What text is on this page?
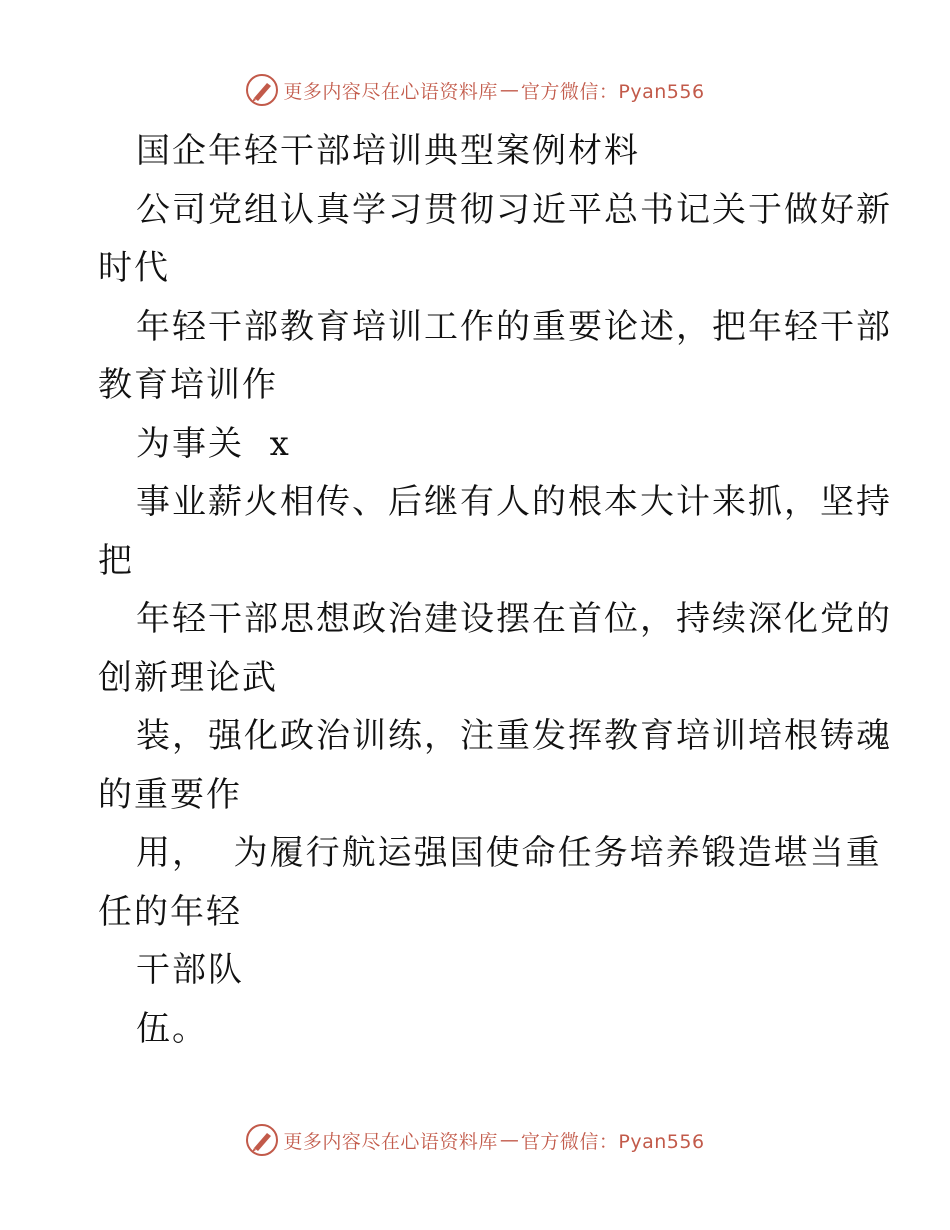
更多内容尽在心语资料库 — 官方微信：Pyan556
国企年轻干部培训典型案例材料
公司党组认真学习贯彻习近平总书记关于做好新
时代
年轻干部教育培训工作的重要论述，把年轻干部
教育培训作
为事关  x
事业薪火相传、后继有人的根本大计来抓，坚持
把
年轻干部思想政治建设摆在首位，持续深化党的
创新理论武
装，强化政治训练，注重发挥教育培训培根铸魂
的重要作
用，  为履行航运强国使命任务培养锻造堪当重
任的年轻
干部队
伍。
更多内容尽在心语资料库 — 官方微信：Pyan556
